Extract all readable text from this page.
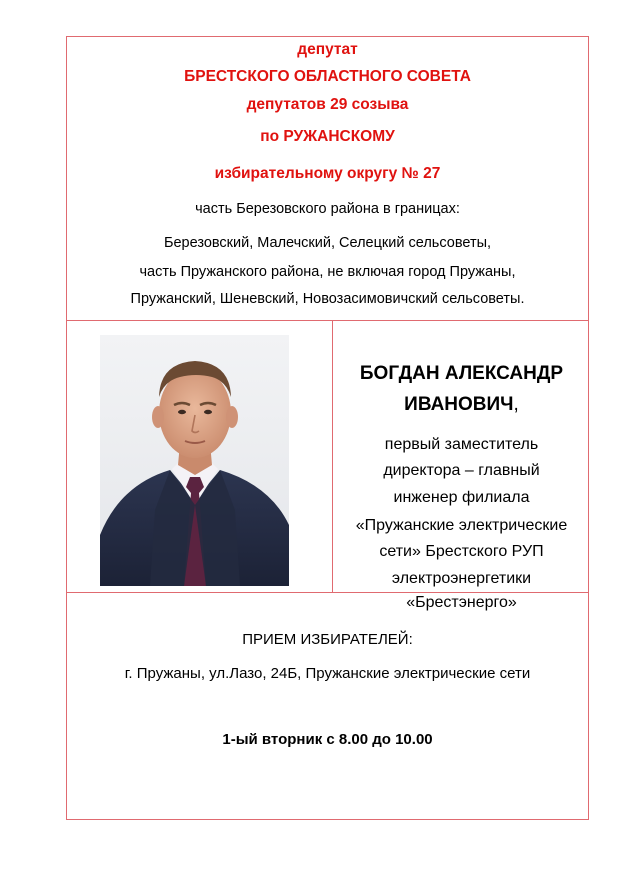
депутат
БРЕСТСКОГО ОБЛАСТНОГО СОВЕТА
депутатов 29 созыва
по РУЖАНСКОМУ
избирательному округу № 27
часть Березовского района в границах:
Березовский, Малечский, Селецкий сельсоветы,
часть Пружанского района, не включая город Пружаны,
Пружанский, Шеневский, Новозасимовичский сельсоветы.
БОГДАН АЛЕКСАНДР
ИВАНОВИЧ,
первый заместитель
директора – главный
инженер филиала
«Пружанские электрические
сети» Брестского РУП
электроэнергетики
«Брестэнерго»
ПРИЕМ ИЗБИРАТЕЛЕЙ:
г. Пружаны, ул.Лазо, 24Б, Пружанские электрические сети
1-ый вторник с 8.00 до 10.00
